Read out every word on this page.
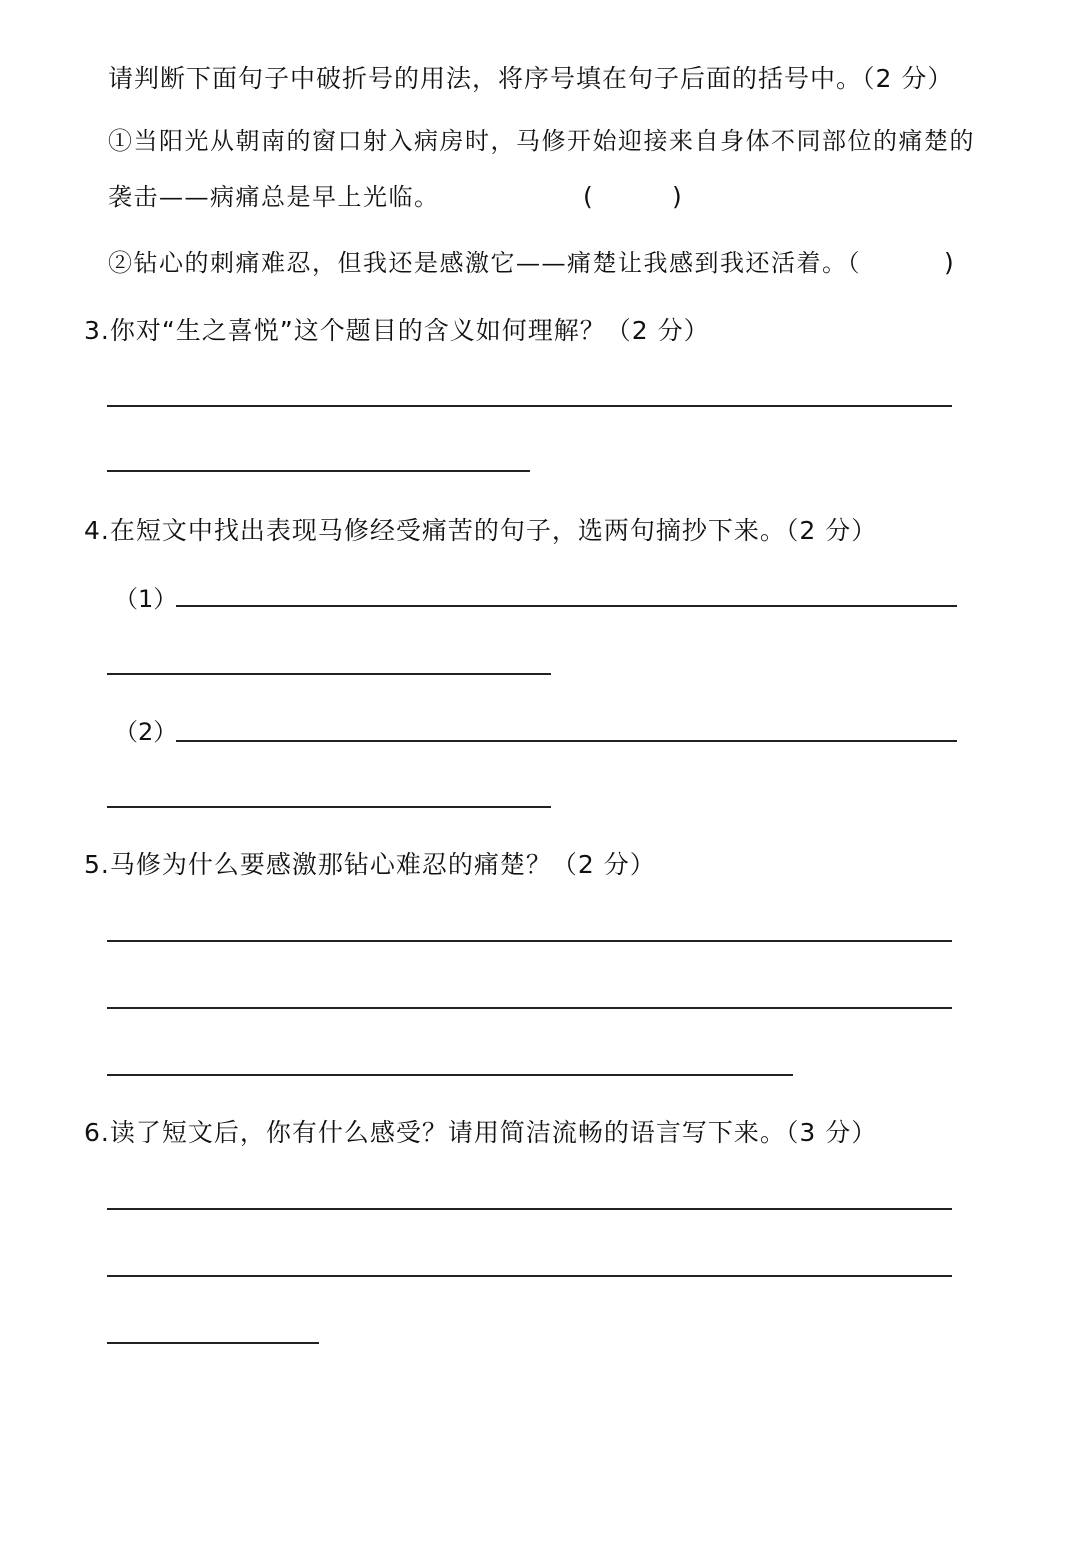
请判断下面句子中破折号的用法，将序号填在句子后面的括号中。（2 分）
①当阳光从朝南的窗口射入病房时，马修开始迎接来自身体不同部位的痛楚的
袭击——病痛总是早上光临。	(	)
②钻心的刺痛难忍，但我还是感激它——痛楚让我感到我还活着。（	)
3.你对“生之喜悦”这个题目的含义如何理解？（2 分）
4.在短文中找出表现马修经受痛苦的句子，选两句摘抄下来。（2 分）
（1）
（2）
5.马修为什么要感激那钻心难忍的痛楚？（2 分）
6.读了短文后，你有什么感受？请用简洁流畅的语言写下来。（3 分）
